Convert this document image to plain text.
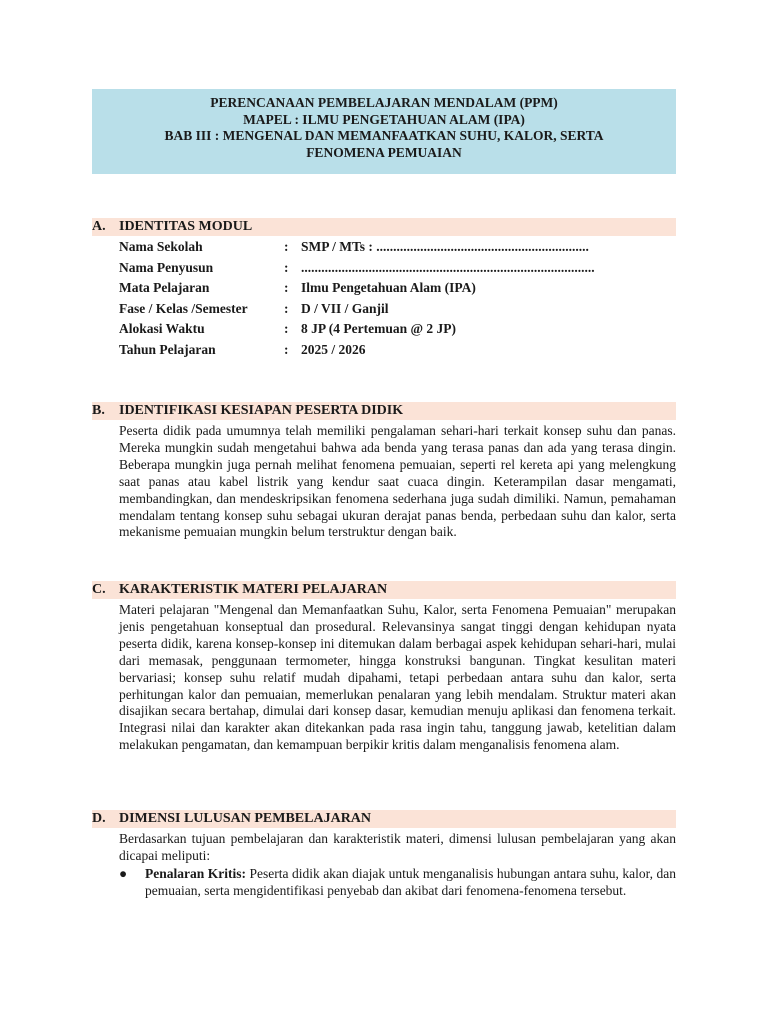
PERENCANAAN PEMBELAJARAN MENDALAM (PPM)
MAPEL : ILMU PENGETAHUAN ALAM (IPA)
BAB III : MENGENAL DAN MEMANFAATKAN SUHU, KALOR, SERTA
FENOMENA PEMUAIAN
A. IDENTITAS MODUL
Nama Sekolah	: SMP / MTs : ...............................................................
Nama Penyusun	: .......................................................................................
Mata Pelajaran	: Ilmu Pengetahuan Alam (IPA)
Fase / Kelas /Semester	: D / VII / Ganjil
Alokasi Waktu	: 8 JP (4 Pertemuan @ 2 JP)
Tahun Pelajaran	: 2025 / 2026
B. IDENTIFIKASI KESIAPAN PESERTA DIDIK
Peserta didik pada umumnya telah memiliki pengalaman sehari-hari terkait konsep suhu dan panas. Mereka mungkin sudah mengetahui bahwa ada benda yang terasa panas dan ada yang terasa dingin. Beberapa mungkin juga pernah melihat fenomena pemuaian, seperti rel kereta api yang melengkung saat panas atau kabel listrik yang kendur saat cuaca dingin. Keterampilan dasar mengamati, membandingkan, dan mendeskripsikan fenomena sederhana juga sudah dimiliki. Namun, pemahaman mendalam tentang konsep suhu sebagai ukuran derajat panas benda, perbedaan suhu dan kalor, serta mekanisme pemuaian mungkin belum terstruktur dengan baik.
C. KARAKTERISTIK MATERI PELAJARAN
Materi pelajaran "Mengenal dan Memanfaatkan Suhu, Kalor, serta Fenomena Pemuaian" merupakan jenis pengetahuan konseptual dan prosedural. Relevansinya sangat tinggi dengan kehidupan nyata peserta didik, karena konsep-konsep ini ditemukan dalam berbagai aspek kehidupan sehari-hari, mulai dari memasak, penggunaan termometer, hingga konstruksi bangunan. Tingkat kesulitan materi bervariasi; konsep suhu relatif mudah dipahami, tetapi perbedaan antara suhu dan kalor, serta perhitungan kalor dan pemuaian, memerlukan penalaran yang lebih mendalam. Struktur materi akan disajikan secara bertahap, dimulai dari konsep dasar, kemudian menuju aplikasi dan fenomena terkait. Integrasi nilai dan karakter akan ditekankan pada rasa ingin tahu, tanggung jawab, ketelitian dalam melakukan pengamatan, dan kemampuan berpikir kritis dalam menganalisis fenomena alam.
D. DIMENSI LULUSAN PEMBELAJARAN
Berdasarkan tujuan pembelajaran dan karakteristik materi, dimensi lulusan pembelajaran yang akan dicapai meliputi:
● Penalaran Kritis: Peserta didik akan diajak untuk menganalisis hubungan antara suhu, kalor, dan pemuaian, serta mengidentifikasi penyebab dan akibat dari fenomena-fenomena tersebut.
